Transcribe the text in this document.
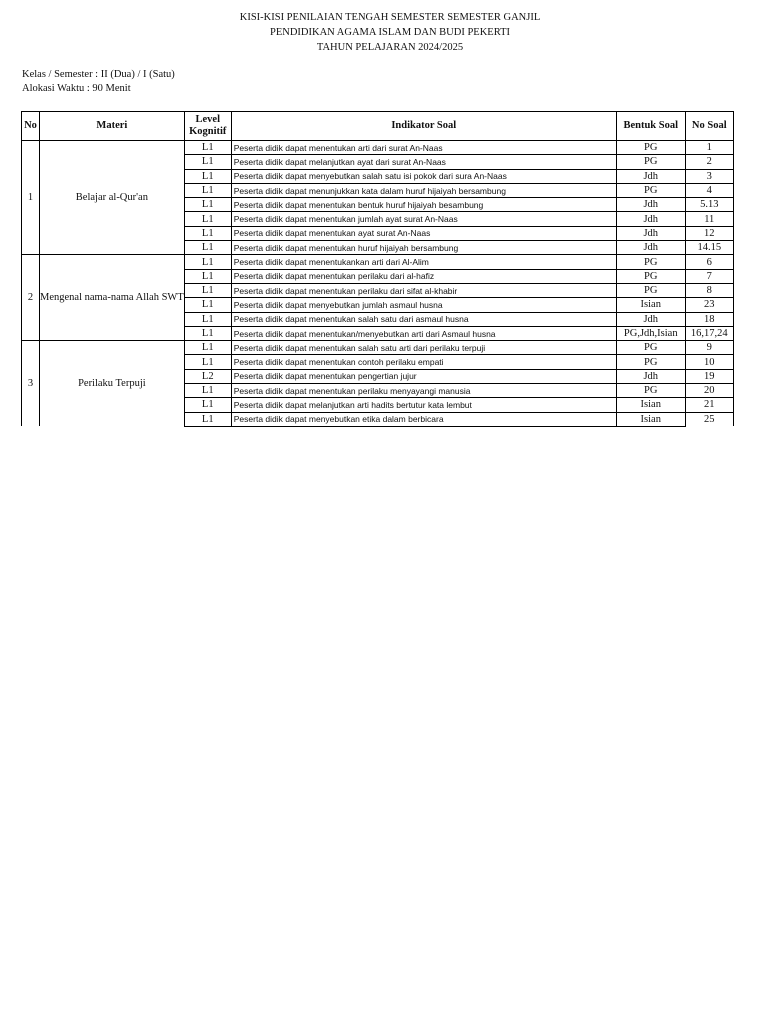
KISI-KISI PENILAIAN TENGAH SEMESTER SEMESTER GANJIL
PENDIDIKAN AGAMA ISLAM DAN BUDI PEKERTI
TAHUN PELAJARAN 2024/2025
Kelas / Semester : II (Dua) / I (Satu)
Alokasi Waktu : 90 Menit
No	Materi	Level Kognitif	Indikator Soal	Bentuk Soal	No Soal
1	Belajar al-Qur'an	L1	Peserta didik dapat menentukan arti dari surat An-Naas	PG	1
		L1	Peserta didik dapat melanjutkan ayat dari surat An-Naas	PG	2
		L1	Peserta didik dapat menyebutkan salah satu isi pokok dari sura An-Naas	Jdh	3
		L1	Peserta didik dapat menunjukkan kata dalam huruf hijaiyah bersambung	PG	4
		L1	Peserta didik dapat menentukan bentuk huruf hijaiyah besambung	Jdh	5.13
		L1	Peserta didik dapat menentukan jumlah ayat surat An-Naas	Jdh	11
		L1	Peserta didik dapat menentukan ayat surat An-Naas	Jdh	12
		L1	Peserta didik dapat menentukan huruf hijaiyah bersambung	Jdh	14.15
2	Mengenal nama-nama Allah SWT	L1	Peserta didik dapat menentukankan arti dari Al-Alim	PG	6
		L1	Peserta didik dapat menentukan perilaku dari al-hafiz	PG	7
		L1	Peserta didik dapat menentukan perilaku dari sifat al-khabir	PG	8
		L1	Peserta didik dapat menyebutkan jumlah asmaul husna	Isian	23
		L1	Peserta didik dapat menentukan salah satu dari asmaul husna	Jdh	18
		L1	Peserta didik dapat menentukan/menyebutkan arti dari Asmaul husna	PG,Jdh,Isian	16,17,24
3	Perilaku Terpuji	L1	Peserta didik dapat menentukan salah satu arti dari perilaku terpuji	PG	9
		L1	Peserta didik dapat menentukan contoh perilaku empati	PG	10
		L2	Peserta didik dapat menentukan pengertian jujur	Jdh	19
		L1	Peserta didik dapat menentukan perilaku menyayangi manusia	PG	20
		L1	Peserta didik dapat melanjutkan arti hadits bertutur kata lembut	Isian	21
		L1	Peserta didik dapat menyebutkan etika dalam berbicara	Isian	25
